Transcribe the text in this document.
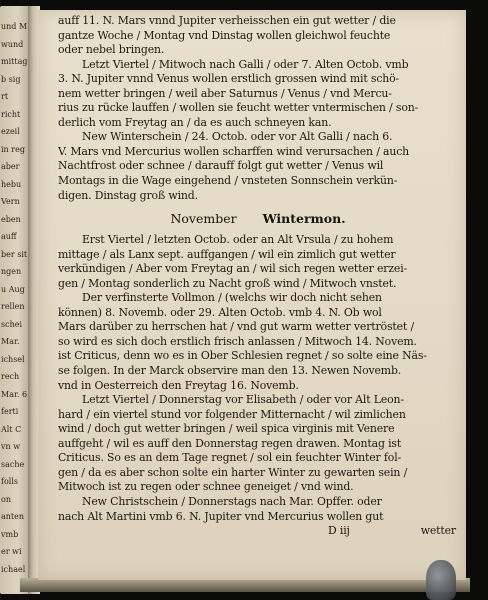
und M
wund
mittag
b sig
rt
richt
ezeil
in reg
aber
hebu
Vern
eben
auff
ber sit
ngen
u Aug
rellen
schei
Mar.
ichsel
rech
Mar. 6
ferti
Alt C
vn w
sache
folls
on
anten
vmb
er wi
ichael
auff 11. N. Mars vnnd Jupiter verheisschen ein gut wetter / die
gantze Woche / Montag vnd Dinstag wollen gleichwol feuchte
oder nebel bringen.
Letzt Viertel / Mitwoch nach Galli / oder 7. Alten Octob. vmb
3. N. Jupiter vnnd Venus wollen erstlich grossen wind mit schö-
nem wetter bringen / weil aber Saturnus / Venus / vnd Mercu-
rius zu rücke lauffen / wollen sie feucht wetter vntermischen / son-
derlich vom Freytag an / da es auch schneyen kan.
New Winterschein / 24. Octob. oder vor Alt Galli / nach 6.
V. Mars vnd Mercurius wollen scharffen wind verursachen / auch
Nachtfrost oder schnee / darauff folgt gut wetter / Venus wil
Montags in die Wage eingehend / vnsteten Sonnschein verkün-
digen. Dinstag groß wind.
November Wintermon.
Erst Viertel / letzten Octob. oder an Alt Vrsula / zu hohem
mittage / als Lanx sept. auffgangen / wil ein zimlich gut wetter
verkündigen / Aber vom Freytag an / wil sich regen wetter erzei-
gen / Montag sonderlich zu Nacht groß wind / Mitwoch vnstet.
Der verfinsterte Vollmon / (welchs wir doch nicht sehen
können) 8. Novemb. oder 29. Alten Octob. vmb 4. N. Ob wol
Mars darüber zu herrschen hat / vnd gut warm wetter vertröstet /
so wird es sich doch erstlich frisch anlassen / Mitwoch 14. Novem.
ist Criticus, denn wo es in Ober Schlesien regnet / so solte eine Näs-
se folgen. In der Marck observire man den 13. Newen Novemb.
vnd in Oesterreich den Freytag 16. Novemb.
Letzt Viertel / Donnerstag vor Elisabeth / oder vor Alt Leon-
hard / ein viertel stund vor folgender Mitternacht / wil zimlichen
wind / doch gut wetter bringen / weil spica virginis mit Venere
auffgeht / wil es auff den Donnerstag regen drawen. Montag ist
Criticus. So es an dem Tage regnet / sol ein feuchter Winter fol-
gen / da es aber schon solte ein harter Winter zu gewarten sein /
Mitwoch ist zu regen oder schnee geneiget / vnd wind.
New Christschein / Donnerstags nach Mar. Opffer. oder
nach Alt Martini vmb 6. N. Jupiter vnd Mercurius wollen gut
D iij	wetter
